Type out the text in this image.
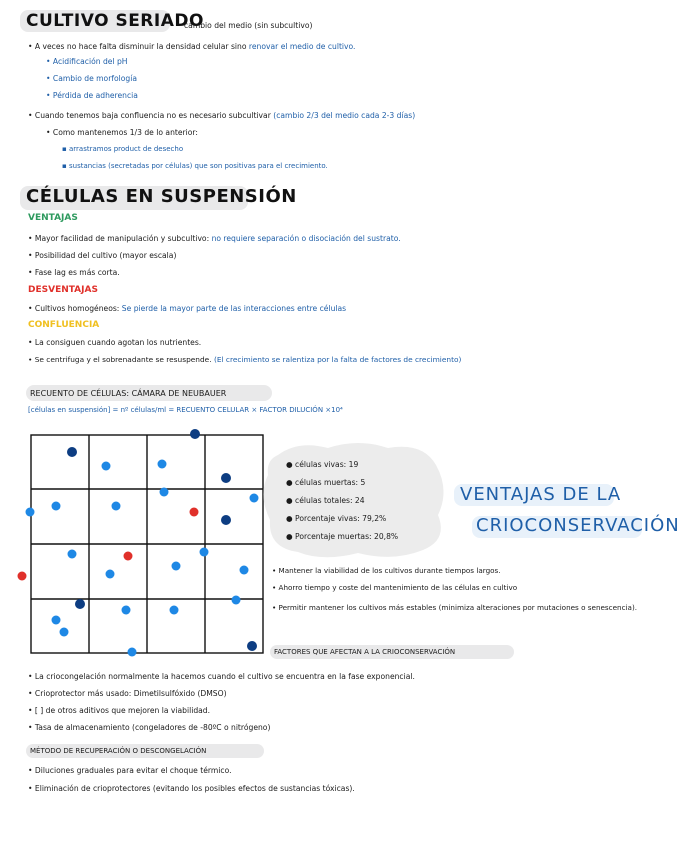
CULTIVO SERIADO
cambio del medio (sin subcultivo)
• A veces no hace falta disminuir la densidad celular sino renovar el medio de cultivo.
• Acidificación del pH
• Cambio de morfología
• Pérdida de adherencia
• Cuando tenemos baja confluencia no es necesario subcultivar (cambio 2/3 del medio cada 2-3 días)
• Como mantenemos 1/3 de lo anterior:
▪ arrastramos product de desecho
▪ sustancias (secretadas por células) que son positivas para el crecimiento.
CÉLULAS EN SUSPENSIÓN
VENTAJAS
• Mayor facilidad de manipulación y subcultivo: no requiere separación o disociación del sustrato.
• Posibilidad del cultivo (mayor escala)
• Fase lag es más corta.
DESVENTAJAS
• Cultivos homogéneos: Se pierde la mayor parte de las interacciones entre células
CONFLUENCIA
• La consiguen cuando agotan los nutrientes.
• Se centrifuga y el sobrenadante se resuspende. (El crecimiento se ralentiza por la falta de factores de crecimiento)
RECUENTO DE CÉLULAS: CÁMARA DE NEUBAUER
[células en suspensión] = nº células/ml = RECUENTO CELULAR × FACTOR DILUCIÓN ×10⁴
● células vivas: 19
● células muertas: 5
● células totales: 24
● Porcentaje vivas: 79,2%
● Porcentaje muertas: 20,8%
VENTAJAS DE LA
CRIOCONSERVACIÓN
• Mantener la viabilidad de los cultivos durante tiempos largos.
• Ahorro tiempo y coste del mantenimiento de las células en cultivo
• Permitir mantener los cultivos más estables (minimiza alteraciones por mutaciones o senescencia).
FACTORES QUE AFECTAN A LA CRIOCONSERVACIÓN
• La criocongelación normalmente la hacemos cuando el cultivo se encuentra en la fase exponencial.
• Crioprotector más usado: Dimetilsulfóxido (DMSO)
• [ ] de otros aditivos que mejoren la viabilidad.
• Tasa de almacenamiento (congeladores de -80ºC o nitrógeno)
MÉTODO DE RECUPERACIÓN O DESCONGELACIÓN
• Diluciones graduales para evitar el choque térmico.
• Eliminación de crioprotectores (evitando los posibles efectos de sustancias tóxicas).
